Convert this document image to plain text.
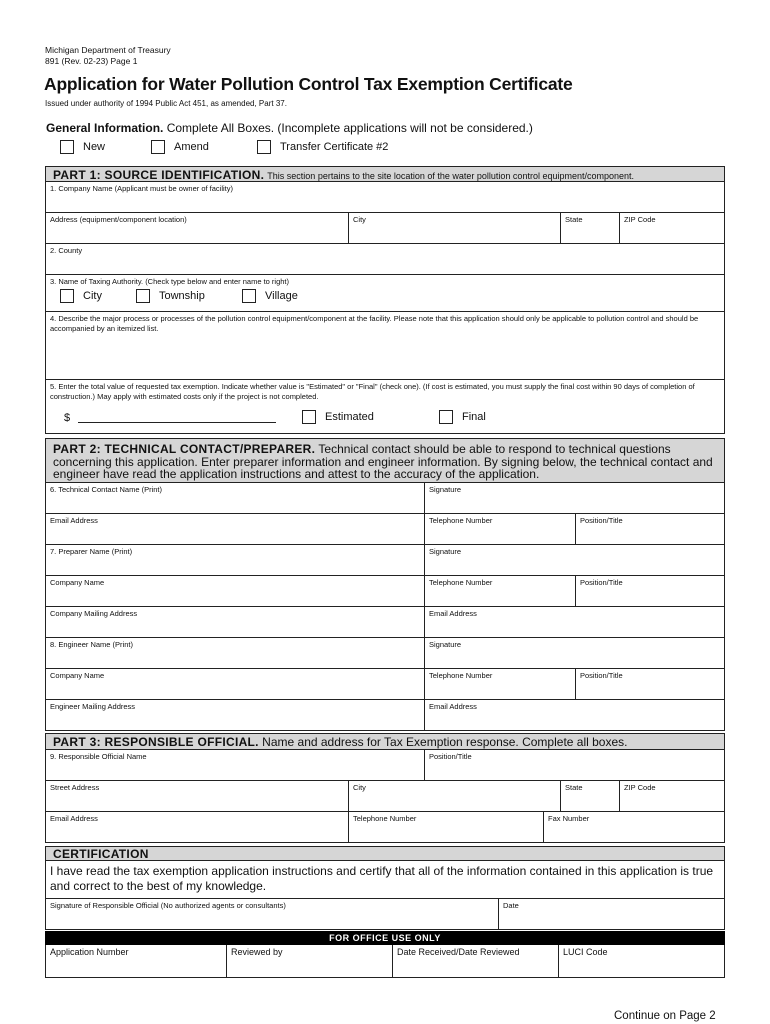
Michigan Department of Treasury
891 (Rev. 02-23) Page 1
Application for Water Pollution Control Tax Exemption Certificate
Issued under authority of 1994 Public Act 451, as amended, Part 37.
General Information. Complete All Boxes. (Incomplete applications will not be considered.)
New	Amend	Transfer Certificate #2
PART 1: SOURCE IDENTIFICATION. This section pertains to the site location of the water pollution control equipment/component.
1. Company Name (Applicant must be owner of facility)
Address (equipment/component location)	City	State	ZIP Code
2. County
3. Name of Taxing Authority. (Check type below and enter name to right)
City	Township	Village
4. Describe the major process or processes of the pollution control equipment/component at the facility. Please note that this application should only be applicable to pollution control and should be accompanied by an itemized list.
5. Enter the total value of requested tax exemption. Indicate whether value is "Estimated" or "Final" (check one). (If cost is estimated, you must supply the final cost within 90 days of completion of construction.) May apply with estimated costs only if the project is not completed.
$	Estimated	Final
PART 2: TECHNICAL CONTACT/PREPARER. Technical contact should be able to respond to technical questions concerning this application. Enter preparer information and engineer information. By signing below, the technical contact and engineer have read the application instructions and attest to the accuracy of the application.
6. Technical Contact Name (Print)	Signature
Email Address	Telephone Number	Position/Title
7. Preparer Name (Print)	Signature
Company Name	Telephone Number	Position/Title
Company Mailing Address	Email Address
8. Engineer Name (Print)	Signature
Company Name	Telephone Number	Position/Title
Engineer Mailing Address	Email Address
PART 3: RESPONSIBLE OFFICIAL. Name and address for Tax Exemption response. Complete all boxes.
9. Responsible Official Name	Position/Title
Street Address	City	State	ZIP Code
Email Address	Telephone Number	Fax Number
CERTIFICATION
I have read the tax exemption application instructions and certify that all of the information contained in this application is true and correct to the best of my knowledge.
Signature of Responsible Official (No authorized agents or consultants)	Date
FOR OFFICE USE ONLY
Application Number	Reviewed by	Date Received/Date Reviewed	LUCI Code
Continue on Page 2
